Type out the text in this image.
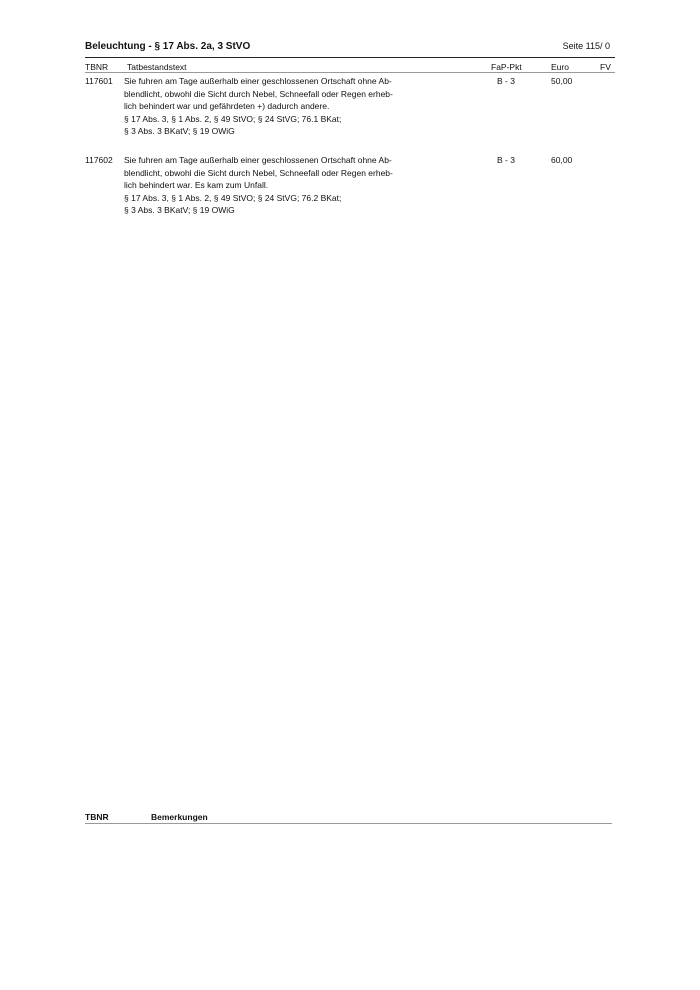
Beleuchtung - § 17 Abs. 2a, 3 StVO	Seite 115/ 0
TBNR Tatbestandstext	FaP-Pkt	Euro	FV
117601 Sie fuhren am Tage außerhalb einer geschlossenen Ortschaft ohne Ab-
blendlicht, obwohl die Sicht durch Nebel, Schneefall oder Regen erheb-
lich behindert war und gefährdeten +) dadurch andere.
§ 17 Abs. 3, § 1 Abs. 2, § 49 StVO; § 24 StVG; 76.1 BKat;
§ 3 Abs. 3 BKatV; § 19 OWiG
B - 3	50,00
117602 Sie fuhren am Tage außerhalb einer geschlossenen Ortschaft ohne Ab-
blendlicht, obwohl die Sicht durch Nebel, Schneefall oder Regen erheb-
lich behindert war. Es kam zum Unfall.
§ 17 Abs. 3, § 1 Abs. 2, § 49 StVO; § 24 StVG; 76.2 BKat;
§ 3 Abs. 3 BKatV; § 19 OWiG
B - 3	60,00
TBNR	Bemerkungen
